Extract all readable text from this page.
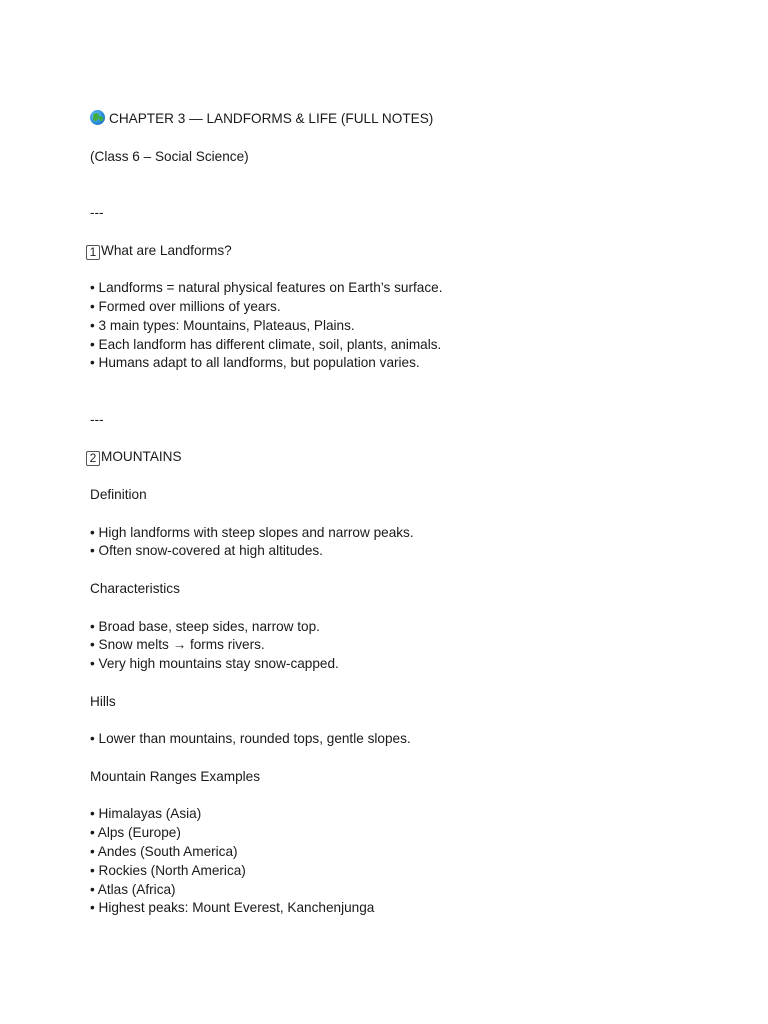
CHAPTER 3 — LANDFORMS & LIFE (FULL NOTES)
(Class 6 – Social Science)
---
1 What are Landforms?
• Landforms = natural physical features on Earth’s surface.
• Formed over millions of years.
• 3 main types: Mountains, Plateaus, Plains.
• Each landform has different climate, soil, plants, animals.
• Humans adapt to all landforms, but population varies.
---
2 MOUNTAINS
Definition
• High landforms with steep slopes and narrow peaks.
• Often snow-covered at high altitudes.
Characteristics
• Broad base, steep sides, narrow top.
• Snow melts → forms rivers.
• Very high mountains stay snow-capped.
Hills
• Lower than mountains, rounded tops, gentle slopes.
Mountain Ranges Examples
• Himalayas (Asia)
• Alps (Europe)
• Andes (South America)
• Rockies (North America)
• Atlas (Africa)
• Highest peaks: Mount Everest, Kanchenjunga
